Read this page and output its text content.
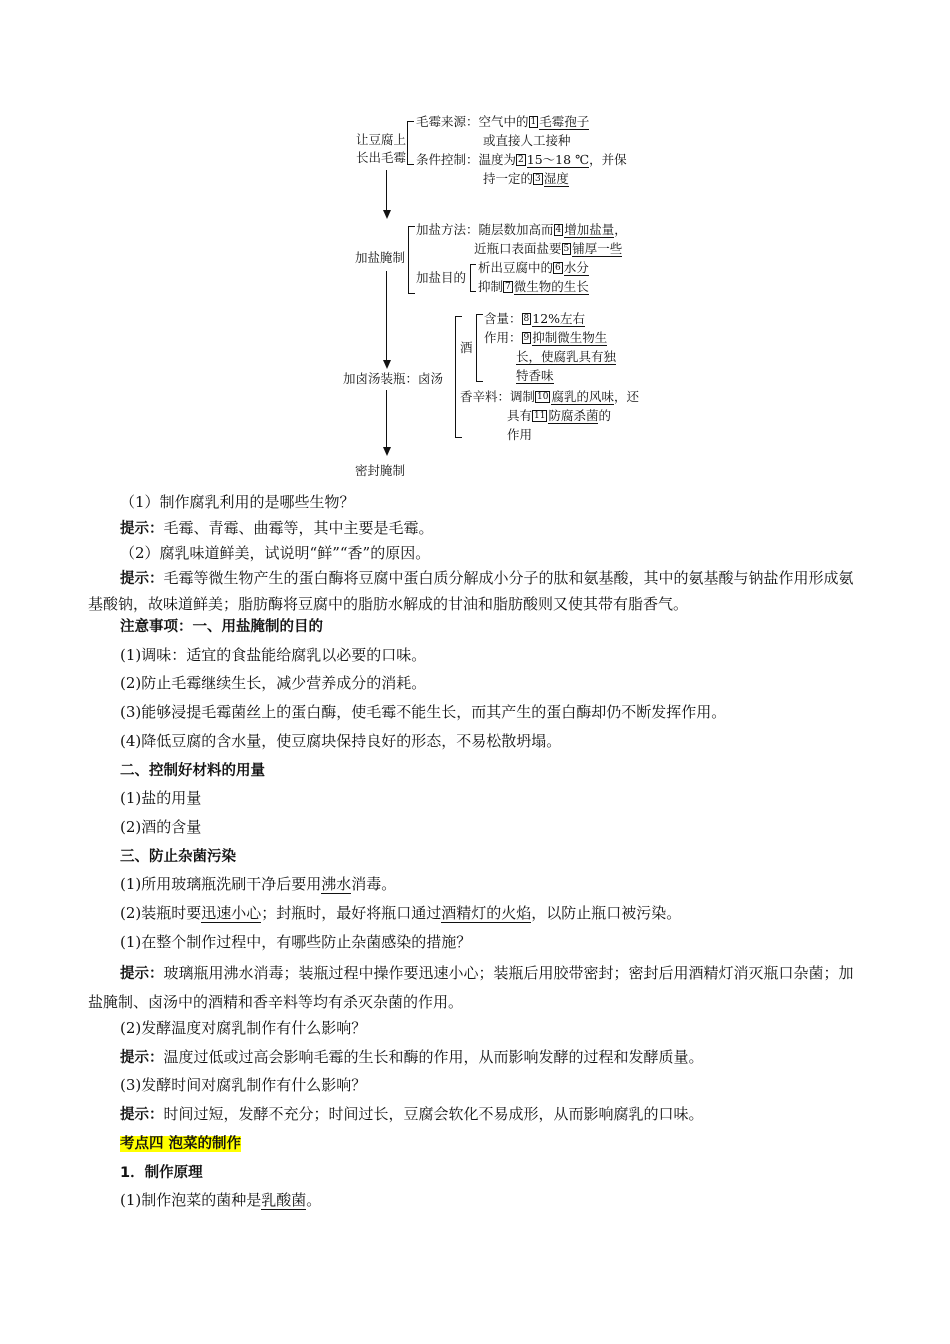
让豆腐上
长出毛霉
毛霉来源：空气中的 1 毛霉孢子
或直接人工接种
条件控制：温度为 2 15～18 ℃，并保
持一定的 3 湿度
加盐腌制
加盐方法：随层数加高而 4 增加盐量，
近瓶口表面盐要 5 铺厚一些
加盐目的
析出豆腐中的 6 水分
抑制 7 微生物的生长
加卤汤装瓶：卤汤
酒
含量： 8 12%左右
作用： 9 抑制微生物生
长，使腐乳具有独
特香味
香辛料：调制 10 腐乳的风味，还
具有 11 防腐杀菌的
作用
密封腌制
（1）制作腐乳利用的是哪些生物？
提示：毛霉、青霉、曲霉等，其中主要是毛霉。
（2）腐乳味道鲜美，试说明“鲜”“香”的原因。
提示：毛霉等微生物产生的蛋白酶将豆腐中蛋白质分解成小分子的肽和氨基酸，其中的氨基酸与钠盐作用形成氨基酸钠，故味道鲜美；脂肪酶将豆腐中的脂肪水解成的甘油和脂肪酸则又使其带有脂香气。
注意事项：一、用盐腌制的目的
(1)调味：适宜的食盐能给腐乳以必要的口味。
(2)防止毛霉继续生长，减少营养成分的消耗。
(3)能够浸提毛霉菌丝上的蛋白酶，使毛霉不能生长，而其产生的蛋白酶却仍不断发挥作用。
(4)降低豆腐的含水量，使豆腐块保持良好的形态，不易松散坍塌。
二、控制好材料的用量
(1)盐的用量
(2)酒的含量
三、防止杂菌污染
(1)所用玻璃瓶洗刷干净后要用沸水消毒。
(2)装瓶时要迅速小心；封瓶时，最好将瓶口通过酒精灯的火焰，以防止瓶口被污染。
(1)在整个制作过程中，有哪些防止杂菌感染的措施？
提示：玻璃瓶用沸水消毒；装瓶过程中操作要迅速小心；装瓶后用胶带密封；密封后用酒精灯消灭瓶口杂菌；加盐腌制、卤汤中的酒精和香辛料等均有杀灭杂菌的作用。
(2)发酵温度对腐乳制作有什么影响？
提示：温度过低或过高会影响毛霉的生长和酶的作用，从而影响发酵的过程和发酵质量。
(3)发酵时间对腐乳制作有什么影响？
提示：时间过短，发酵不充分；时间过长，豆腐会软化不易成形，从而影响腐乳的口味。
考点四 泡菜的制作
1．制作原理
(1)制作泡菜的菌种是乳酸菌。
